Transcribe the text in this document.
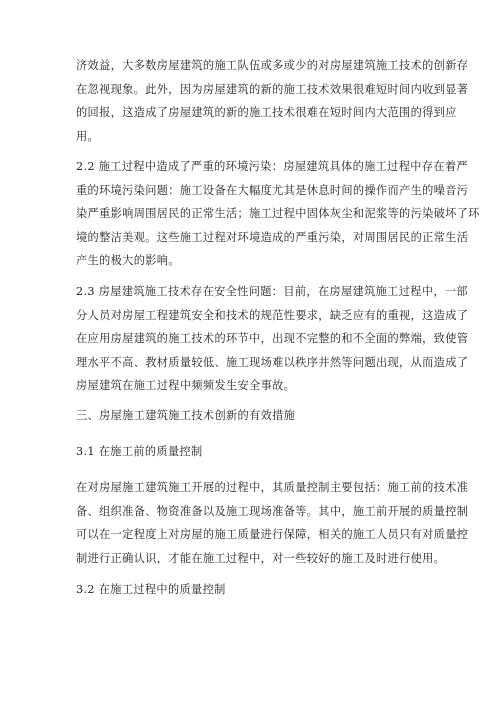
济效益，大多数房屋建筑的施工队伍或多或少的对房屋建筑施工技术的创新存
在忽视现象。此外，因为房屋建筑的新的施工技术效果很难短时间内收到显著
的回报，这造成了房屋建筑的新的施工技术很难在短时间内大范围的得到应
用。
2.2 施工过程中造成了严重的环境污染：房屋建筑具体的施工过程中存在着严
重的环境污染问题：施工设备在大幅度尤其是休息时间的操作而产生的噪音污
染严重影响周围居民的正常生活；施工过程中固体灰尘和泥浆等的污染破坏了环
境的整洁美观。这些施工过程对环境造成的严重污染，对周围居民的正常生活
产生的极大的影响。
2.3 房屋建筑施工技术存在安全性问题：目前，在房屋建筑施工过程中，一部
分人员对房屋工程建筑安全和技术的规范性要求，缺乏应有的重视，这造成了
在应用房屋建筑的施工技术的环节中，出现不完整的和不全面的弊端，致使管
理水平不高、教材质量较低、施工现场难以秩序井然等问题出现，从而造成了
房屋建筑在施工过程中频频发生安全事故。
三、房屋施工建筑施工技术创新的有效措施
3.1 在施工前的质量控制
在对房屋施工建筑施工开展的过程中，其质量控制主要包括：施工前的技术准
备、组织准备、物资准备以及施工现场准备等。其中，施工前开展的质量控制
可以在一定程度上对房屋的施工质量进行保障，相关的施工人员只有对质量控
制进行正确认识，才能在施工过程中，对一些较好的施工及时进行使用。
3.2 在施工过程中的质量控制
